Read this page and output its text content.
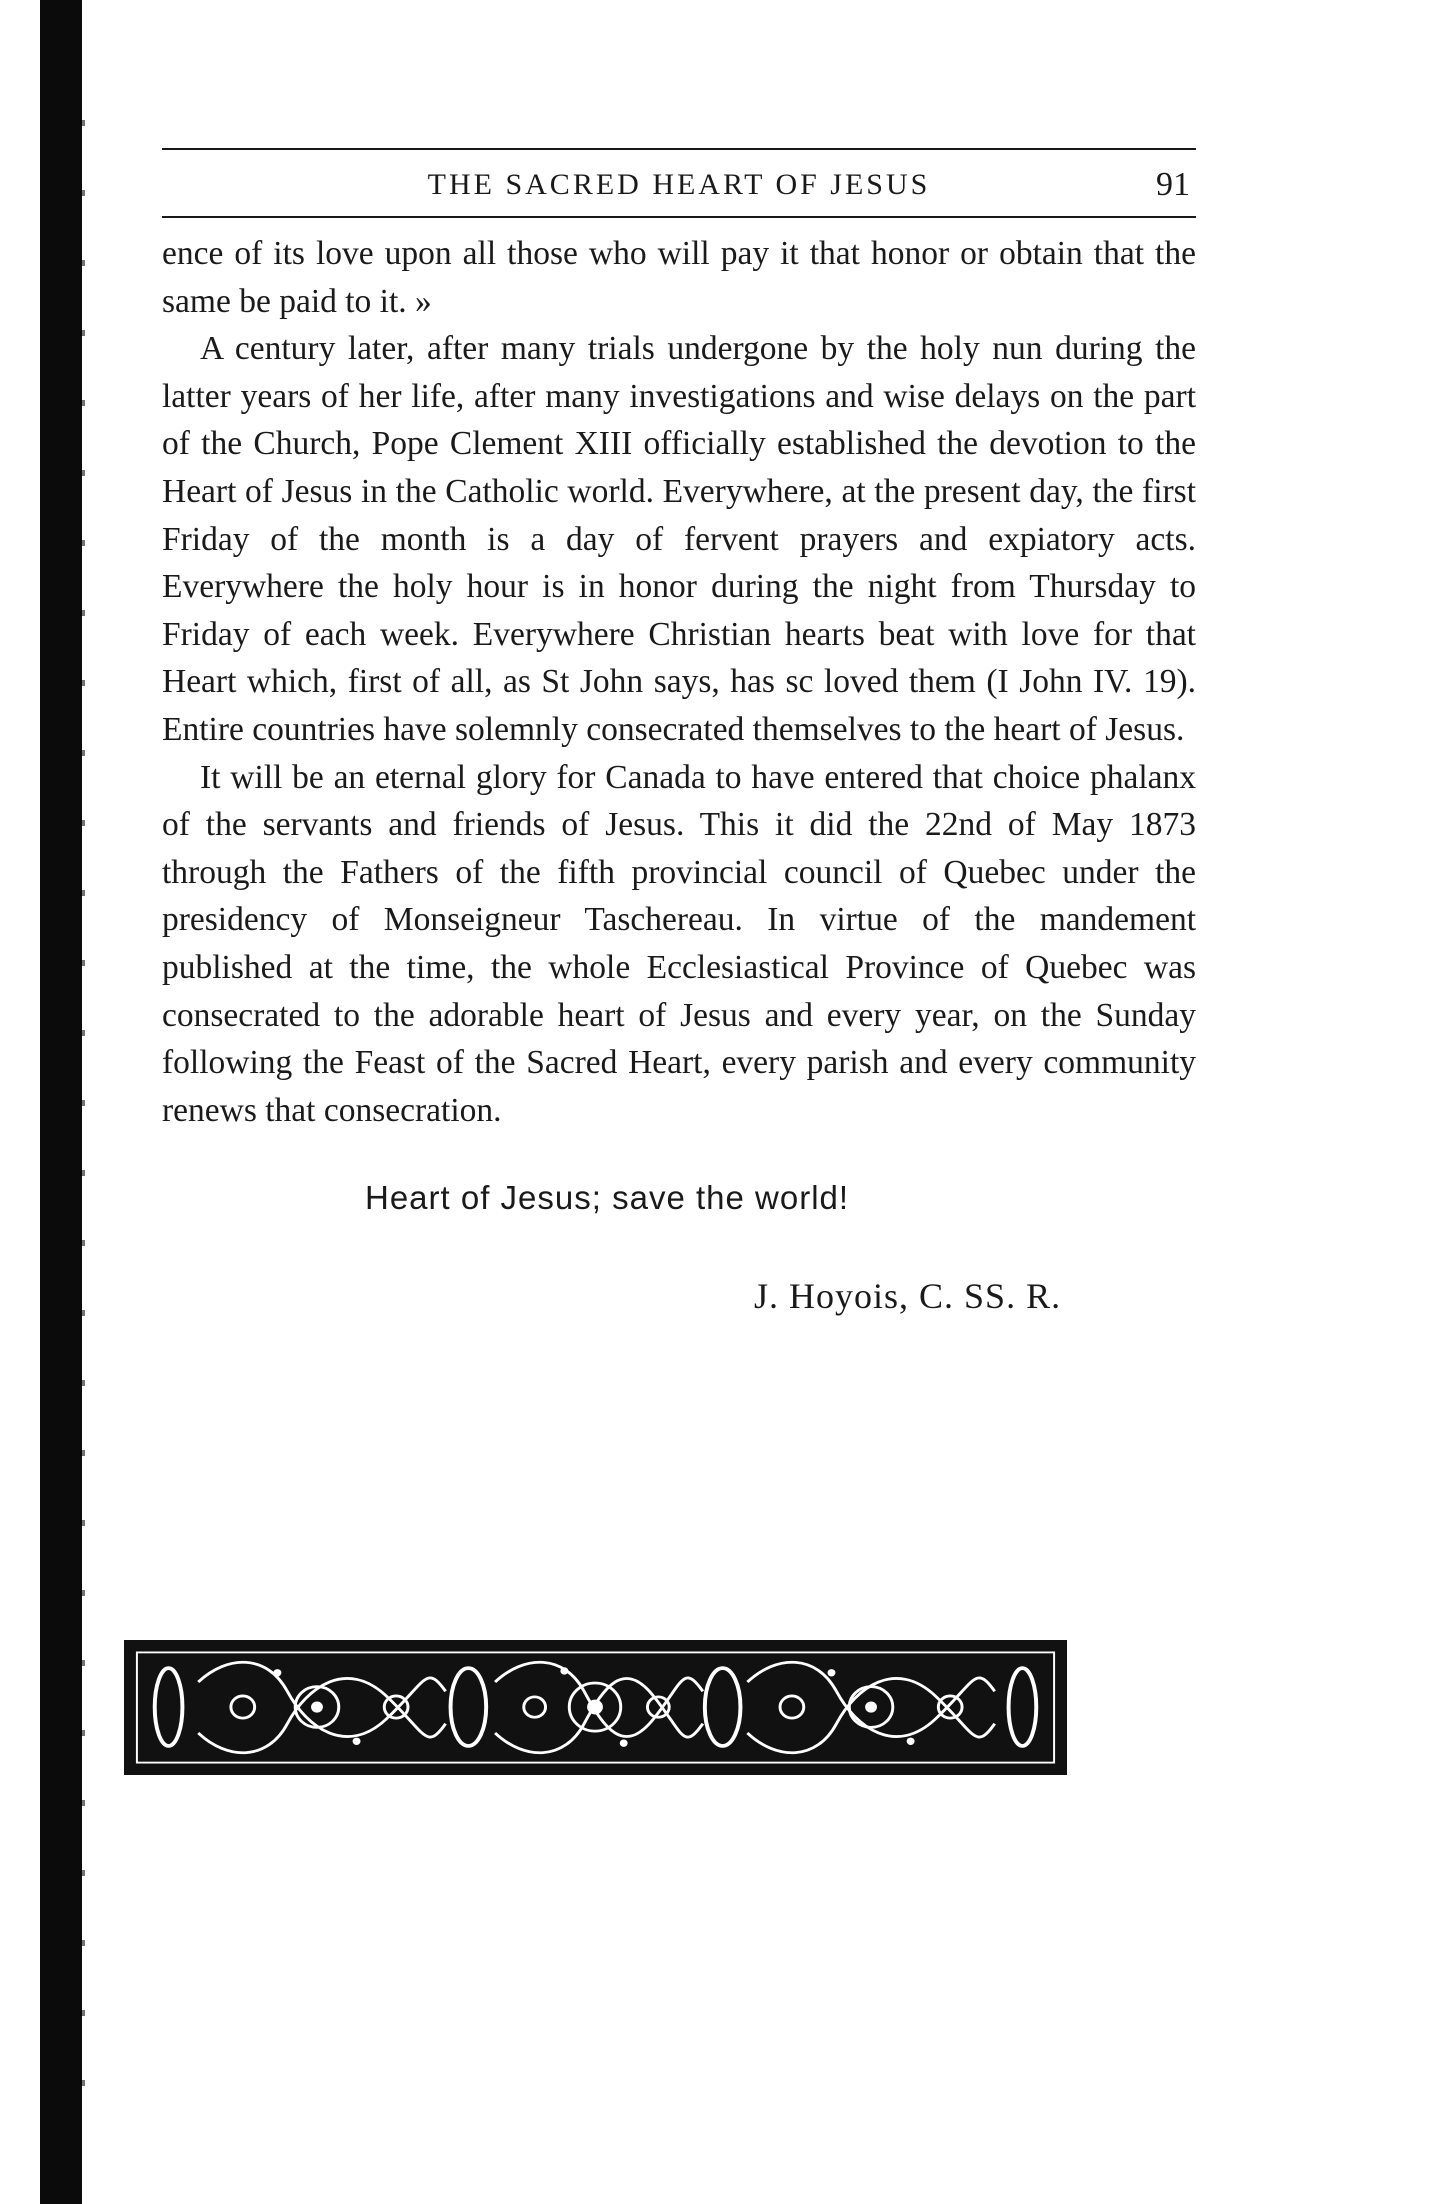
THE SACRED HEART OF JESUS	91

ence of its love upon all those who will pay it that honor or obtain that the same be paid to it. »

A century later, after many trials undergone by the holy nun during the latter years of her life, after many investigations and wise delays on the part of the Church, Pope Clement XIII officially established the devotion to the Heart of Jesus in the Catholic world. Everywhere, at the present day, the first Friday of the month is a day of fervent prayers and expiatory acts. Everywhere the holy hour is in honor during the night from Thursday to Friday of each week. Everywhere Christian hearts beat with love for that Heart which, first of all, as St John says, has sc loved them (I John IV. 19). Entire countries have solemnly consecrated themselves to the heart of Jesus.

It will be an eternal glory for Canada to have entered that choice phalanx of the servants and friends of Jesus. This it did the 22nd of May 1873 through the Fathers of the fifth provincial council of Quebec under the presidency of Monseigneur Taschereau. In virtue of the mandement published at the time, the whole Ecclesiastical Province of Quebec was consecrated to the adorable heart of Jesus and every year, on the Sunday following the Feast of the Sacred Heart, every parish and every community renews that consecration.

Heart of Jesus; save the world!
J. Hoyois, C. SS. R.
